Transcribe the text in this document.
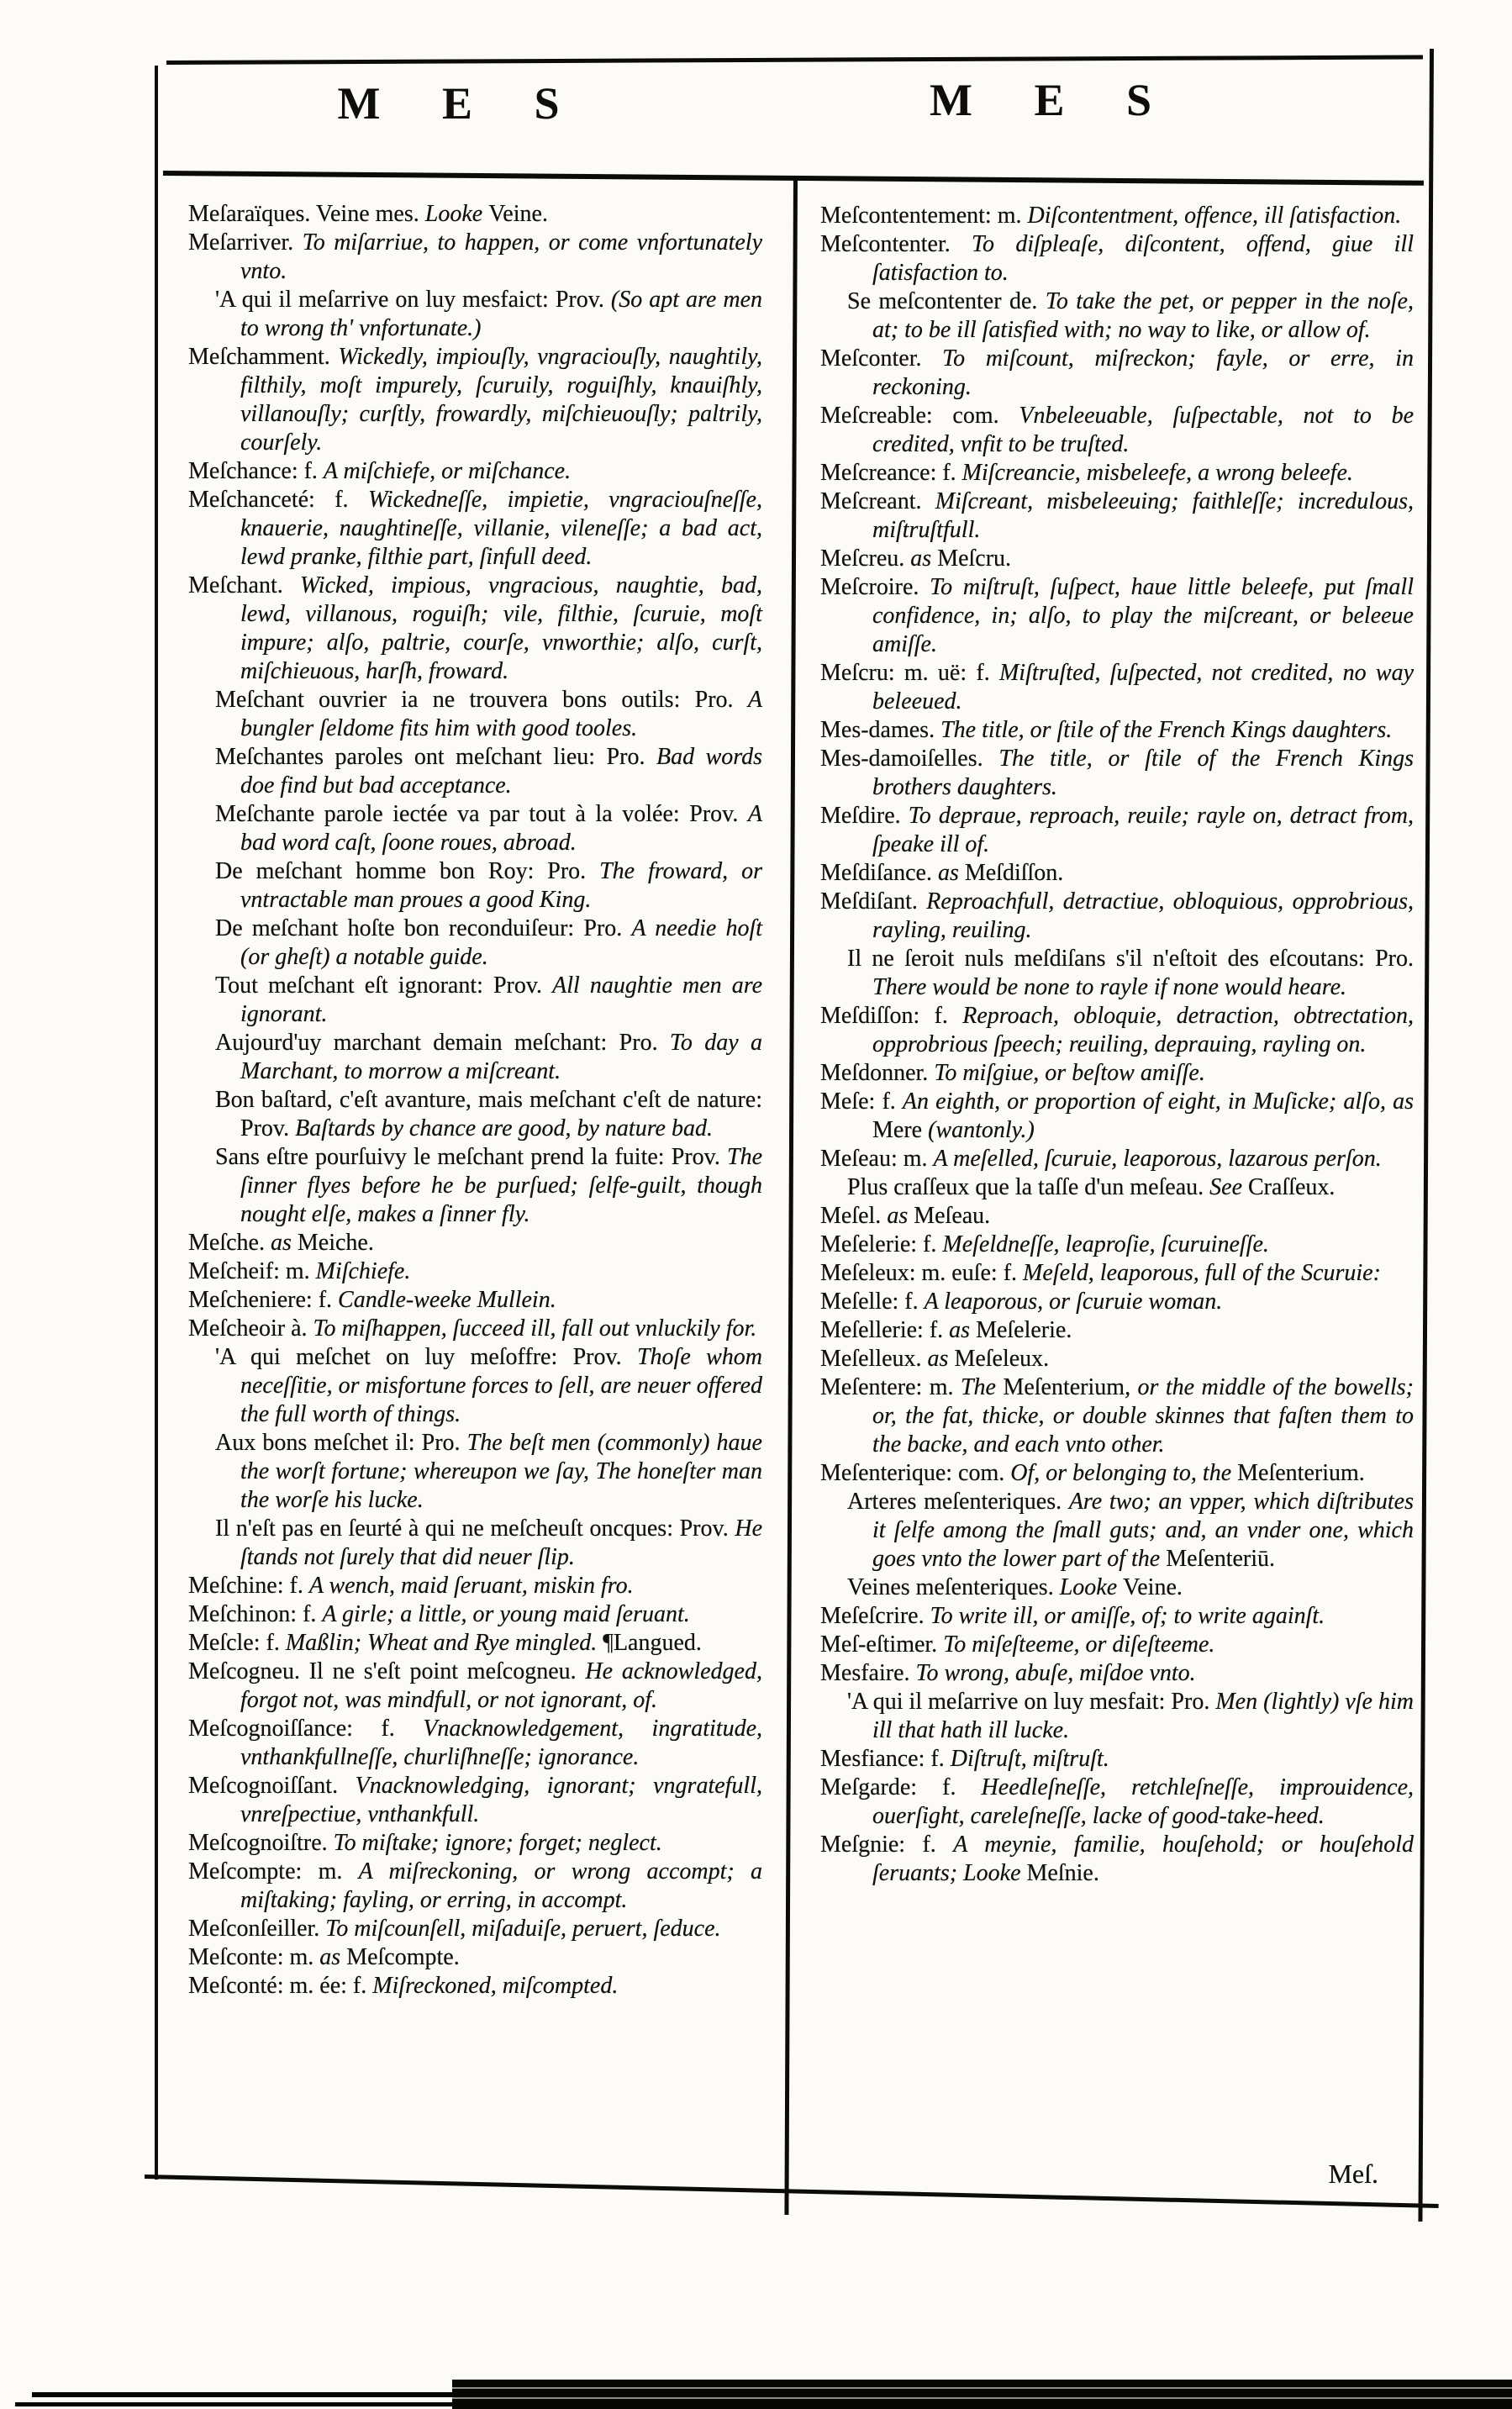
M E S	M E S

Meſaraïques. Veine mes. Looke Veine.

Meſarriver. To miſarriue, to happen, or come vnfortunately vnto.

'A qui il meſarrive on luy mesfaict: Prov. (So apt are men to wrong th' vnfortunate.)

Meſchamment. Wickedly, impiouſly, vngraciouſly, naughtily, filthily, moſt impurely, ſcuruily, roguiſhly, knauiſhly, villanouſly; curſtly, frowardly, miſchieuouſly; paltrily, courſely.

Meſchance: f. A miſchiefe, or miſchance.

Meſchanceté: f. Wickedneſſe, impietie, vngraciouſneſſe, knauerie, naughtineſſe, villanie, vileneſſe; a bad act, lewd pranke, filthie part, ſinfull deed.

Meſchant. Wicked, impious, vngracious, naughtie, bad, lewd, villanous, roguiſh; vile, filthie, ſcuruie, moſt impure; alſo, paltrie, courſe, vnworthie; alſo, curſt, miſchieuous, harſh, froward.

Meſchant ouvrier ia ne trouvera bons outils: Pro. A bungler ſeldome fits him with good tooles.

Meſchantes paroles ont meſchant lieu: Pro. Bad words doe find but bad acceptance.

Meſchante parole iectée va par tout à la volée: Prov. A bad word caſt, ſoone roues, abroad.

De meſchant homme bon Roy: Pro. The froward, or vntractable man proues a good King.

De meſchant hoſte bon reconduiſeur: Pro. A needie hoſt (or gheſt) a notable guide.

Tout meſchant eſt ignorant: Prov. All naughtie men are ignorant.

Aujourd'uy marchant demain meſchant: Pro. To day a Marchant, to morrow a miſcreant.

Bon baſtard, c'eſt avanture, mais meſchant c'eſt de nature: Prov. Baſtards by chance are good, by nature bad.

Sans eſtre pourſuivy le meſchant prend la fuite: Prov. The ſinner flyes before he be purſued; ſelfe-guilt, though nought elſe, makes a ſinner fly.

Meſche. as Meiche.

Meſcheif: m. Miſchiefe.

Meſcheniere: f. Candle-weeke Mullein.

Meſcheoir à. To miſhappen, ſucceed ill, fall out vnluckily for.

'A qui meſchet on luy meſoffre: Prov. Thoſe whom neceſſitie, or misfortune forces to ſell, are neuer offered the full worth of things.

Aux bons meſchet il: Pro. The beſt men (commonly) haue the worſt fortune; whereupon we ſay, The honeſter man the worſe his lucke.

Il n'eſt pas en ſeurté à qui ne meſcheuſt oncques: Prov. He ſtands not ſurely that did neuer ſlip.

Meſchine: f. A wench, maid ſeruant, miskin fro.

Meſchinon: f. A girle; a little, or young maid ſeruant.

Meſcle: f. Maßlin; Wheat and Rye mingled. ¶Langued.

Meſcogneu. Il ne s'eſt point meſcogneu. He acknowledged, forgot not, was mindfull, or not ignorant, of.

Meſcognoiſſance: f. Vnacknowledgement, ingratitude, vnthankfullneſſe, churliſhneſſe; ignorance.

Meſcognoiſſant. Vnacknowledging, ignorant; vngratefull, vnreſpectiue, vnthankfull.

Meſcognoiſtre. To miſtake; ignore; forget; neglect.

Meſcompte: m. A miſreckoning, or wrong accompt; a miſtaking; fayling, or erring, in accompt.

Meſconſeiller. To miſcounſell, miſaduiſe, peruert, ſeduce.

Meſconte: m. as Meſcompte.

Meſconté: m. ée: f. Miſreckoned, miſcompted.

Meſcontentement: m. Diſcontentment, offence, ill ſatisfaction.

Meſcontenter. To diſpleaſe, diſcontent, offend, giue ill ſatisfaction to.

Se meſcontenter de. To take the pet, or pepper in the noſe, at; to be ill ſatisfied with; no way to like, or allow of.

Meſconter. To miſcount, miſreckon; fayle, or erre, in reckoning.

Meſcreable: com. Vnbeleeuable, ſuſpectable, not to be credited, vnfit to be truſted.

Meſcreance: f. Miſcreancie, misbeleefe, a wrong beleefe.

Meſcreant. Miſcreant, misbeleeuing; faithleſſe; incredulous, miſtruſtfull.

Meſcreu. as Meſcru.

Meſcroire. To miſtruſt, ſuſpect, haue little beleefe, put ſmall confidence, in; alſo, to play the miſcreant, or beleeue amiſſe.

Meſcru: m. uë: f. Miſtruſted, ſuſpected, not credited, no way beleeued.

Mes-dames. The title, or ſtile of the French Kings daughters.

Mes-damoiſelles. The title, or ſtile of the French Kings brothers daughters.

Meſdire. To depraue, reproach, reuile; rayle on, detract from, ſpeake ill of.

Meſdiſance. as Meſdiſſon.

Meſdiſant. Reproachfull, detractiue, obloquious, opprobrious, rayling, reuiling.

Il ne ſeroit nuls meſdiſans s'il n'eſtoit des eſcoutans: Pro. There would be none to rayle if none would heare.

Meſdiſſon: f. Reproach, obloquie, detraction, obtrectation, opprobrious ſpeech; reuiling, deprauing, rayling on.

Meſdonner. To miſgiue, or beſtow amiſſe.

Meſe: f. An eighth, or proportion of eight, in Muſicke; alſo, as Mere (wantonly.)

Meſeau: m. A meſelled, ſcuruie, leaporous, lazarous perſon.

Plus craſſeux que la taſſe d'un meſeau. See Craſſeux.

Meſel. as Meſeau.

Meſelerie: f. Meſeldneſſe, leaproſie, ſcuruineſſe.

Meſeleux: m. euſe: f. Meſeld, leaporous, full of the Scuruie:

Meſelle: f. A leaporous, or ſcuruie woman.

Meſellerie: f. as Meſelerie.

Meſelleux. as Meſeleux.

Meſentere: m. The Meſenterium, or the middle of the bowells; or, the fat, thicke, or double skinnes that faſten them to the backe, and each vnto other.

Meſenterique: com. Of, or belonging to, the Meſenterium.

Arteres meſenteriques. Are two; an vpper, which diſtributes it ſelfe among the ſmall guts; and, an vnder one, which goes vnto the lower part of the Meſenteriū.

Veines meſenteriques. Looke Veine.

Meſeſcrire. To write ill, or amiſſe, of; to write againſt.

Meſ-eſtimer. To miſeſteeme, or diſeſteeme.

Mesfaire. To wrong, abuſe, miſdoe vnto.

'A qui il meſarrive on luy mesfait: Pro. Men (lightly) vſe him ill that hath ill lucke.

Mesfiance: f. Diſtruſt, miſtruſt.

Meſgarde: f. Heedleſneſſe, retchleſneſſe, improuidence, ouerſight, careleſneſſe, lacke of good-take-heed.

Meſgnie: f. A meynie, familie, houſehold; or houſehold ſeruants; Looke Meſnie.

Meſ.
